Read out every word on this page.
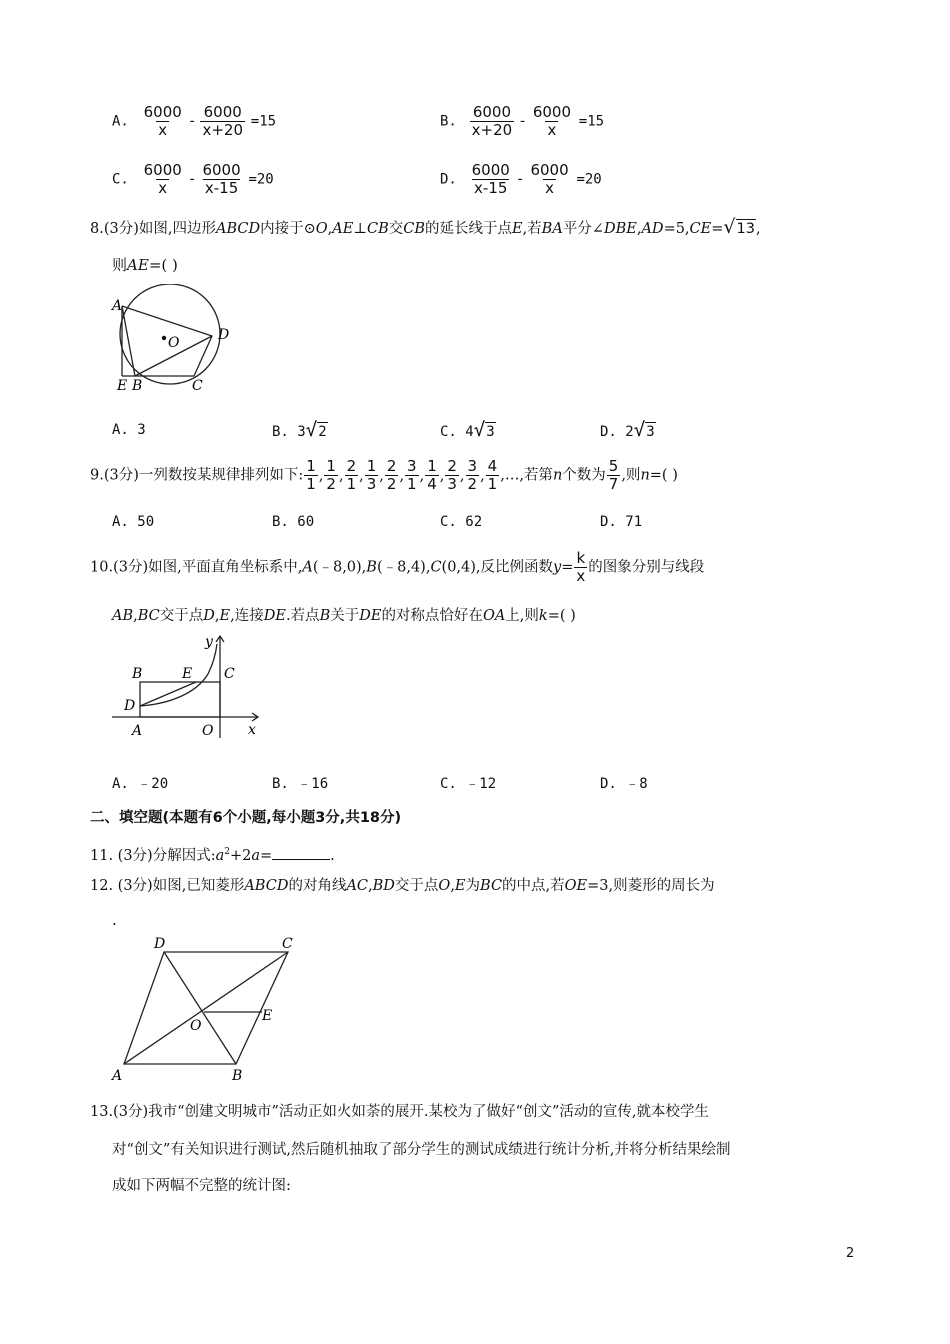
A. $\frac{6000}{x} - \frac{6000}{x+20} =15$	B. $\frac{6000}{x+20} - \frac{6000}{x} =15$
C. $\frac{6000}{x} - \frac{6000}{x-15} =20$	D. $\frac{6000}{x-15} - \frac{6000}{x} =20$
8.(3分)如图,四边形ABCD内接于⊙O,AE⊥CB交CB的延长线于点E,若BA平分∠DBE,AD=5,CE=√13,
则AE=( )
A
O	D
E B	C
A. 3	B. 3√2	C. 4√3	D. 2√3
9.(3分)一列数按某规律排列如下: $\frac{1}{1}$ , $\frac{1}{2}$ , $\frac{2}{1}$ , $\frac{1}{3}$ , $\frac{2}{2}$ , $\frac{3}{1}$ , $\frac{1}{4}$ , $\frac{2}{3}$ , $\frac{3}{2}$ , $\frac{4}{1}$ ,…,若第n个数为 $\frac{5}{7}$ ,则n=( )
A. 50	B. 60	C. 62	D. 71
10.(3分)如图,平面直角坐标系中,A(﹣8,0),B(﹣8,4),C(0,4),反比例函数$y= \frac{k}{x}$ 的图象分别与线段
AB,BC交于点D,E,连接DE.若点B关于DE的对称点恰好在OA上,则k=( )
y
B	E C
D
A	O x
A. ﹣20	B. ﹣16	C. ﹣12	D. ﹣8
二、填空题(本题有6个小题,每小题3分,共18分)
11. (3分)分解因式$:a^2+2a=$	.
12. (3分)如图,已知菱形ABCD的对角线AC,BD交于点O,E为BC的中点,若OE=3,则菱形的周长为
.
D	C
O
E
A	B
13.(3分)我市“创建文明城市”活动正如火如荼的展开.某校为了做好“创文”活动的宣传,就本校学生
对“创文”有关知识进行测试,然后随机抽取了部分学生的测试成绩进行统计分析,并将分析结果绘制
成如下两幅不完整的统计图:
2
